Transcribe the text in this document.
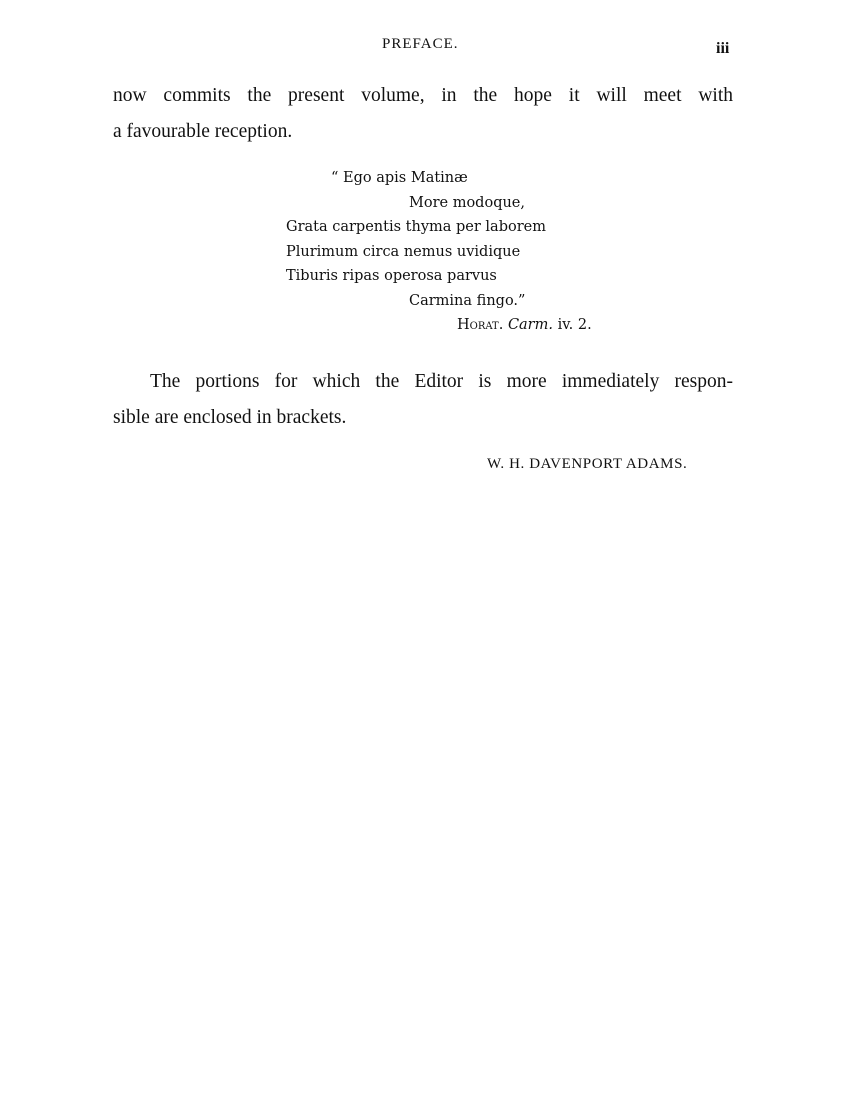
PREFACE.	iii
now commits the present volume, in the hope it will meet with
a favourable reception.
“ Ego apis Matinæ
More modoque,
Grata carpentis thyma per laborem
Plurimum circa nemus uvidique
Tiburis ripas operosa parvus
Carmina fingo.”
Horat. Carm. iv. 2.
The portions for which the Editor is more immediately respon-
sible are enclosed in brackets.
W. H. DAVENPORT ADAMS.
